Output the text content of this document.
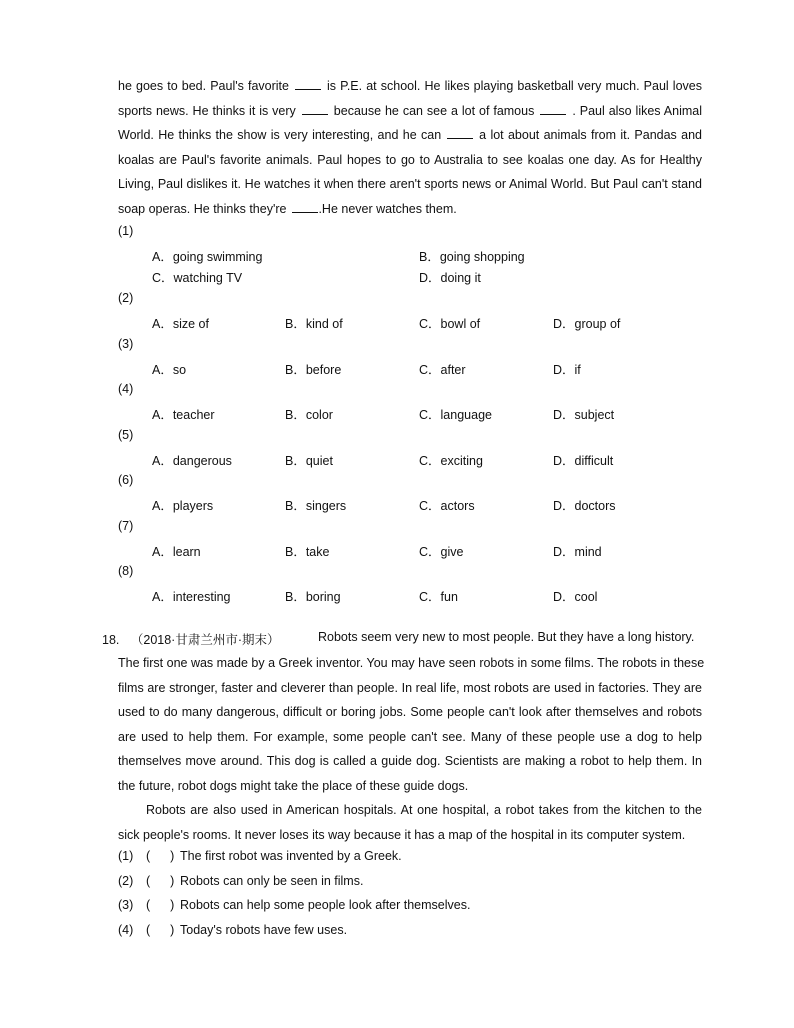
he goes to bed. Paul's favorite	is P.E. at school. He likes playing basketball very much. Paul loves
sports news. He thinks it is very	because he can see a lot of famous	. Paul also likes Animal
World. He thinks the show is very interesting, and he can	a lot about animals from it. Pandas and
koalas are Paul's favorite animals. Paul hopes to go to Australia to see koalas one day. As for Healthy
Living, Paul dislikes it. He watches it when there aren't sports news or Animal World. But Paul can't stand
soap operas. He thinks they're	.He never watches them.
(1)
A．going swimming	B．going shopping
C．watching TV	D．doing it
(2)
A．size of	B．kind of	C．bowl of	D．group of
(3)
A．so	B．before	C．after	D．if
(4)
A．teacher	B．color	C．language	D．subject
(5)
A．dangerous	B．quiet	C．exciting	D．difficult
(6)
A．players	B．singers	C．actors	D．doctors
(7)
A．learn	B．take	C．give	D．mind
(8)
A．interesting	B．boring	C．fun	D．cool
18. （2018·甘肃兰州市·期末）	Robots seem very new to most people. But they have a long history.
The first one was made by a Greek inventor. You may have seen robots in some films. The robots in these
films are stronger, faster and cleverer than people. In real life, most robots are used in factories. They are
used to do many dangerous, difficult or boring jobs. Some people can't look after themselves and robots
are used to help them. For example, some people can't see. Many of these people use a dog to help
themselves move around. This dog is called a guide dog. Scientists are making a robot to help them. In
the future, robot dogs might take the place of these guide dogs.
Robots are also used in American hospitals. At one hospital, a robot takes from the kitchen to the
sick people's rooms. It never loses its way because it has a map of the hospital in its computer system.
(1) ( ) The first robot was invented by a Greek.
(2) ( ) Robots can only be seen in films.
(3) ( ) Robots can help some people look after themselves.
(4) ( ) Today's robots have few uses.
